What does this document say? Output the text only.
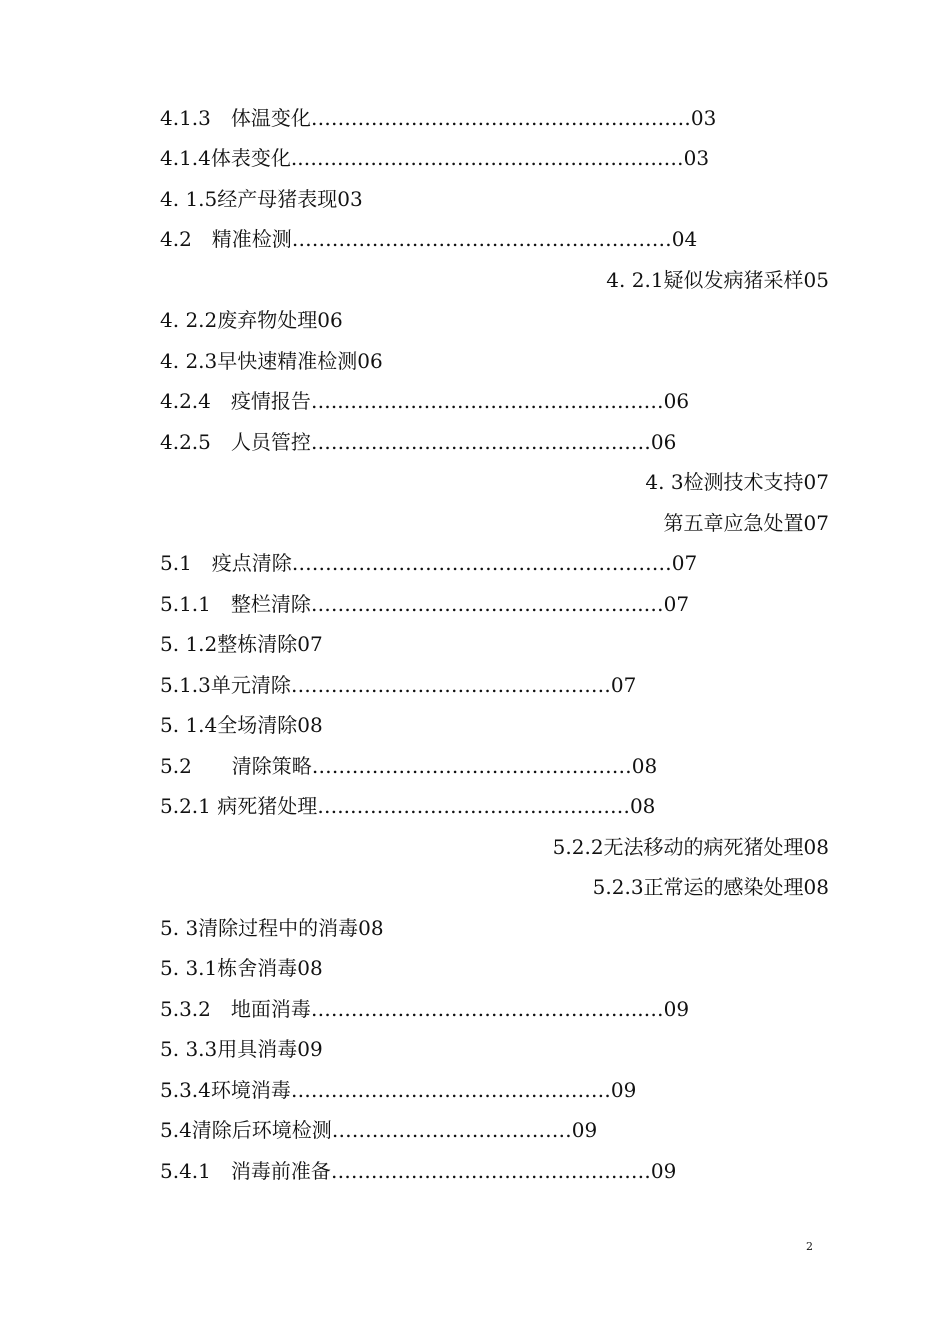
4.1.3　体温变化…………………………………………………03
4.1.4体表变化..…………………………………………………03
4. 1.5经产母猪表现03
4.2　精准检测…………………………………………………04
4. 2.1疑似发病猪采样05
4. 2.2废弃物处理06
4. 2.3早快速精准检测06
4.2.4　疫情报告…..…………………………………………06
4.2.5　人员管控……………………………………………06
4. 3检测技术支持07
第五章应急处置07
5.1　疫点清除…………………………………………………07
5.1.1　整栏清除…………………………………………..…07
5. 1.2整栋清除07
5.1.3单元清除…………………………………………07
5. 1.4全场清除08
5.2　　清除策略…………………………………………08
5.2.1 病死猪处理…..……………………………………08
5.2.2无法移动的病死猪处理08
5.2.3正常运的感染处理08
5. 3清除过程中的消毒08
5. 3.1栋舍消毒08
5.3.2　地面消毒…………………………………………..…09
5. 3.3用具消毒09
5.3.4环境消毒…………………………………………09
5.4清除后环境检测………………………………09
5.4.1　消毒前准备…………………………………………09
2
